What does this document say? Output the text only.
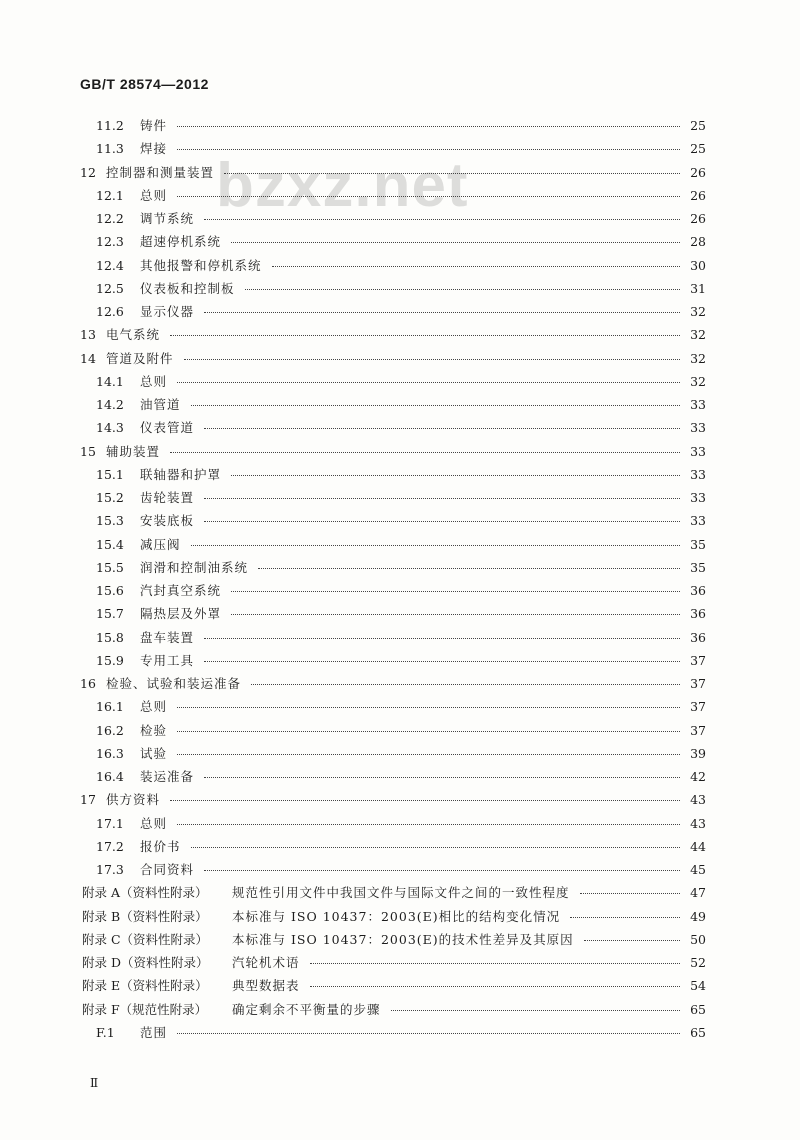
GB/T 28574—2012
bzxz.net
11.2	铸件	25
11.3	焊接	25
12 控制器和测量装置	26
12.1	总则	26
12.2	调节系统	26
12.3	超速停机系统	28
12.4	其他报警和停机系统	30
12.5	仪表板和控制板	31
12.6	显示仪器	32
13 电气系统	32
14 管道及附件	32
14.1	总则	32
14.2	油管道	33
14.3	仪表管道	33
15 辅助装置	33
15.1	联轴器和护罩	33
15.2	齿轮装置	33
15.3	安装底板	33
15.4	减压阀	35
15.5	润滑和控制油系统	35
15.6	汽封真空系统	36
15.7	隔热层及外罩	36
15.8	盘车装置	36
15.9	专用工具	37
16 检验、试验和装运准备	37
16.1	总则	37
16.2	检验	37
16.3	试验	39
16.4	装运准备	42
17 供方资料	43
17.1	总则	43
17.2	报价书	44
17.3	合同资料	45
附录 A（资料性附录）	规范性引用文件中我国文件与国际文件之间的一致性程度	47
附录 B（资料性附录）	本标准与 ISO 10437：2003(E)相比的结构变化情况	49
附录 C（资料性附录）	本标准与 ISO 10437：2003(E)的技术性差异及其原因	50
附录 D（资料性附录）	汽轮机术语	52
附录 E（资料性附录）	典型数据表	54
附录 F（规范性附录）	确定剩余不平衡量的步骤	65
F.1	范围	65
Ⅱ
